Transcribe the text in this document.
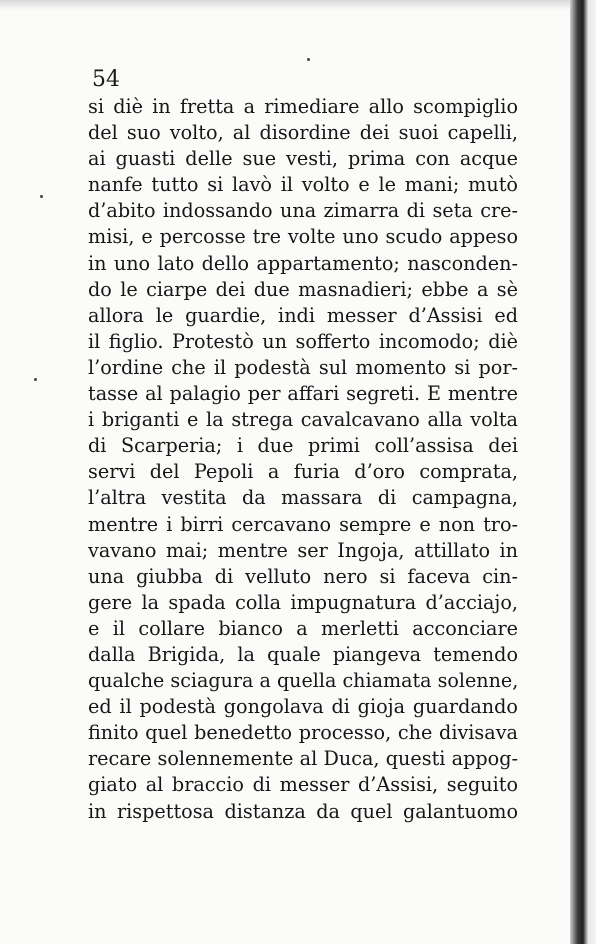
54
si diè in fretta a rimediare allo scompiglio
del suo volto, al disordine dei suoi capelli,
ai guasti delle sue vesti, prima con acque
nanfe tutto si lavò il volto e le mani; mutò
d’abito indossando una zimarra di seta cre-
misi, e percosse tre volte uno scudo appeso
in uno lato dello appartamento; nasconden-
do le ciarpe dei due masnadieri; ebbe a sè
allora le guardie, indi messer d’Assisi ed
il figlio. Protestò un sofferto incomodo; diè
l’ordine che il podestà sul momento si por-
tasse al palagio per affari segreti. E mentre
i briganti e la strega cavalcavano alla volta
di Scarperia; i due primi coll’assisa dei
servi del Pepoli a furia d’oro comprata,
l’altra vestita da massara di campagna,
mentre i birri cercavano sempre e non tro-
vavano mai; mentre ser Ingoja, attillato in
una giubba di velluto nero si faceva cin-
gere la spada colla impugnatura d’acciajo,
e il collare bianco a merletti acconciare
dalla Brigida, la quale piangeva temendo
qualche sciagura a quella chiamata solenne,
ed il podestà gongolava di gioja guardando
finito quel benedetto processo, che divisava
recare solennemente al Duca, questi appog-
giato al braccio di messer d’Assisi, seguito
in rispettosa distanza da quel galantuomo
